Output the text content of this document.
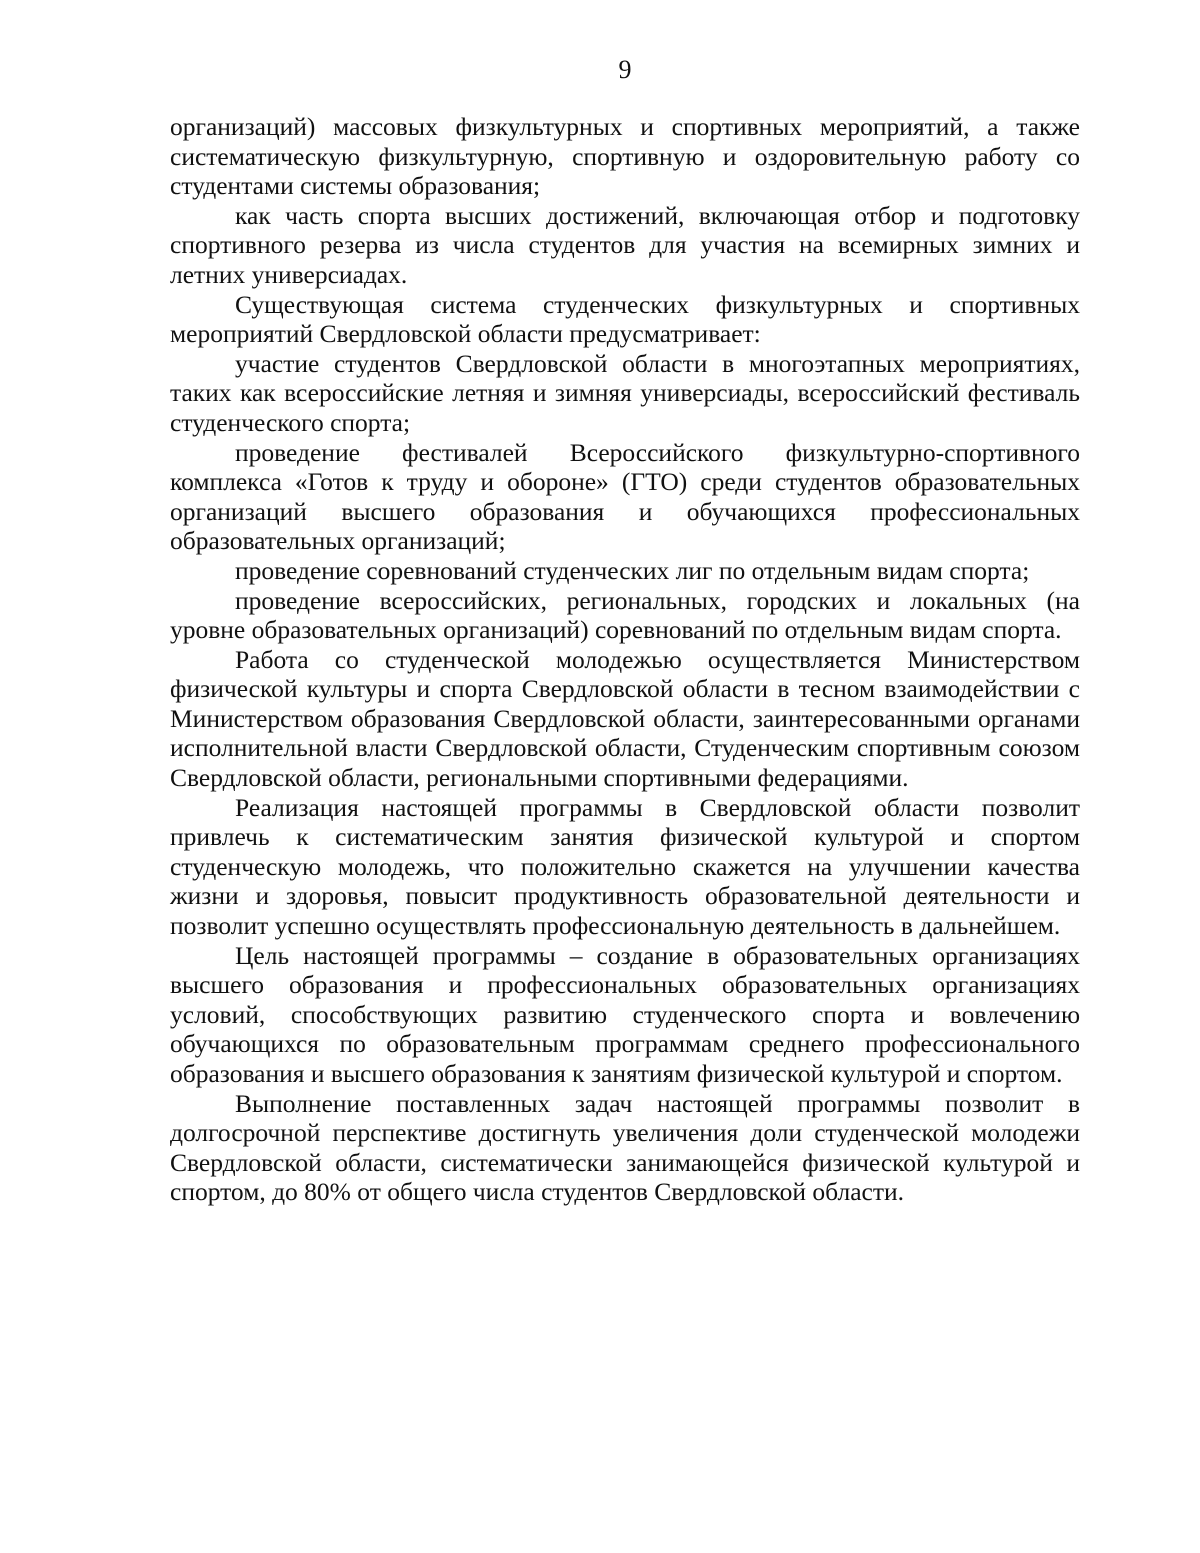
9

организаций) массовых физкультурных и спортивных мероприятий, а также систематическую физкультурную, спортивную и оздоровительную работу со студентами системы образования;

как часть спорта высших достижений, включающая отбор и подготовку спортивного резерва из числа студентов для участия на всемирных зимних и летних универсиадах.

Существующая система студенческих физкультурных и спортивных мероприятий Свердловской области предусматривает:

участие студентов Свердловской области в многоэтапных мероприятиях, таких как всероссийские летняя и зимняя универсиады, всероссийский фестиваль студенческого спорта;

проведение фестивалей Всероссийского физкультурно-спортивного комплекса «Готов к труду и обороне» (ГТО) среди студентов образовательных организаций высшего образования и обучающихся профессиональных образовательных организаций;

проведение соревнований студенческих лиг по отдельным видам спорта;

проведение всероссийских, региональных, городских и локальных (на уровне образовательных организаций) соревнований по отдельным видам спорта.

Работа со студенческой молодежью осуществляется Министерством физической культуры и спорта Свердловской области в тесном взаимодействии с Министерством образования Свердловской области, заинтересованными органами исполнительной власти Свердловской области, Студенческим спортивным союзом Свердловской области, региональными спортивными федерациями.

Реализация настоящей программы в Свердловской области позволит привлечь к систематическим занятия физической культурой и спортом студенческую молодежь, что положительно скажется на улучшении качества жизни и здоровья, повысит продуктивность образовательной деятельности и позволит успешно осуществлять профессиональную деятельность в дальнейшем.

Цель настоящей программы – создание в образовательных организациях высшего образования и профессиональных образовательных организациях условий, способствующих развитию студенческого спорта и вовлечению обучающихся по образовательным программам среднего профессионального образования и высшего образования к занятиям физической культурой и спортом.

Выполнение поставленных задач настоящей программы позволит в долгосрочной перспективе достигнуть увеличения доли студенческой молодежи Свердловской области, систематически занимающейся физической культурой и спортом, до 80% от общего числа студентов Свердловской области.
